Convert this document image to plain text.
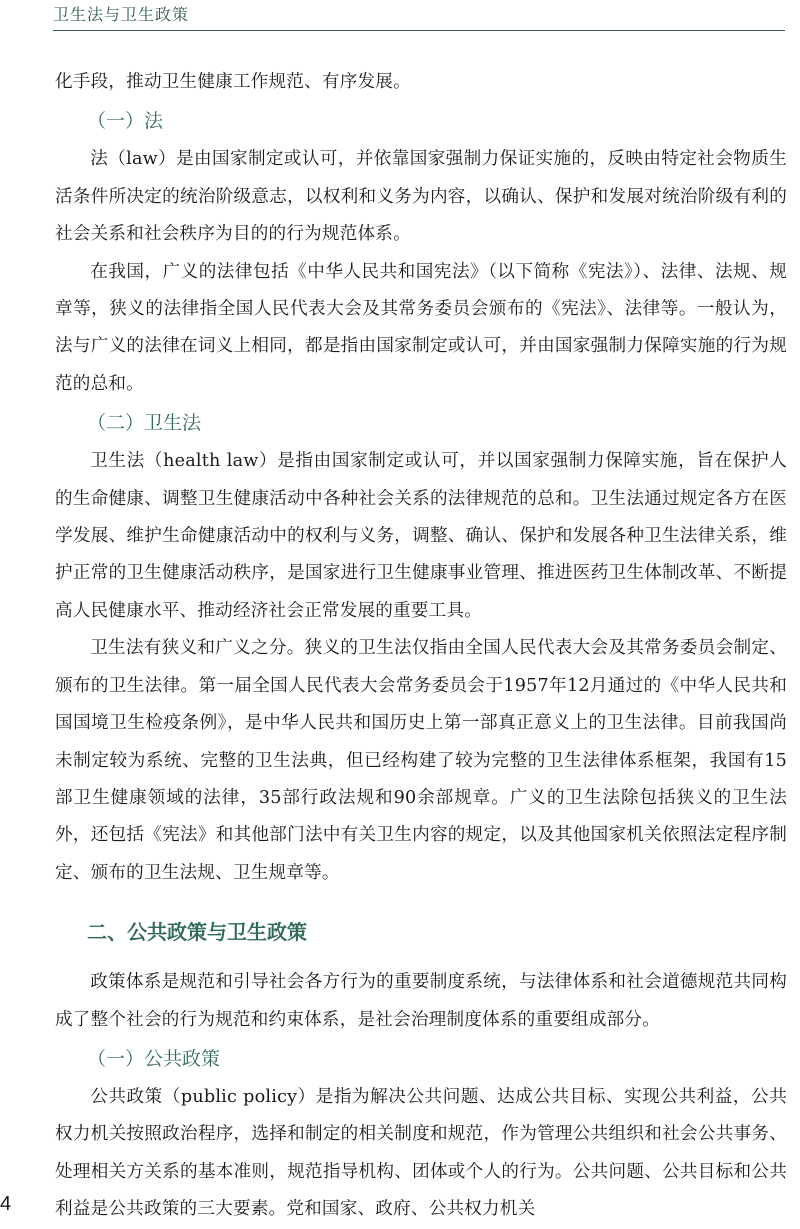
卫生法与卫生政策

化手段，推动卫生健康工作规范、有序发展。

（一）法

法（law）是由国家制定或认可，并依靠国家强制力保证实施的，反映由特定社会物质生活条件所决定的统治阶级意志，以权利和义务为内容，以确认、保护和发展对统治阶级有利的社会关系和社会秩序为目的的行为规范体系。

在我国，广义的法律包括《中华人民共和国宪法》（以下简称《宪法》）、法律、法规、规章等，狭义的法律指全国人民代表大会及其常务委员会颁布的《宪法》、法律等。一般认为，法与广义的法律在词义上相同，都是指由国家制定或认可，并由国家强制力保障实施的行为规范的总和。

（二）卫生法

卫生法（health law）是指由国家制定或认可，并以国家强制力保障实施，旨在保护人的生命健康、调整卫生健康活动中各种社会关系的法律规范的总和。卫生法通过规定各方在医学发展、维护生命健康活动中的权利与义务，调整、确认、保护和发展各种卫生法律关系，维护正常的卫生健康活动秩序，是国家进行卫生健康事业管理、推进医药卫生体制改革、不断提高人民健康水平、推动经济社会正常发展的重要工具。

卫生法有狭义和广义之分。狭义的卫生法仅指由全国人民代表大会及其常务委员会制定、颁布的卫生法律。第一届全国人民代表大会常务委员会于1957年12月通过的《中华人民共和国国境卫生检疫条例》，是中华人民共和国历史上第一部真正意义上的卫生法律。目前我国尚未制定较为系统、完整的卫生法典，但已经构建了较为完整的卫生法律体系框架，我国有15部卫生健康领域的法律，35部行政法规和90余部规章。广义的卫生法除包括狭义的卫生法外，还包括《宪法》和其他部门法中有关卫生内容的规定，以及其他国家机关依照法定程序制定、颁布的卫生法规、卫生规章等。

二、公共政策与卫生政策

政策体系是规范和引导社会各方行为的重要制度系统，与法律体系和社会道德规范共同构成了整个社会的行为规范和约束体系，是社会治理制度体系的重要组成部分。

（一）公共政策

公共政策（public policy）是指为解决公共问题、达成公共目标、实现公共利益，公共权力机关按照政治程序，选择和制定的相关制度和规范，作为管理公共组织和社会公共事务、处理相关方关系的基本准则，规范指导机构、团体或个人的行为。公共问题、公共目标和公共利益是公共政策的三大要素。党和国家、政府、公共权力机关

4
